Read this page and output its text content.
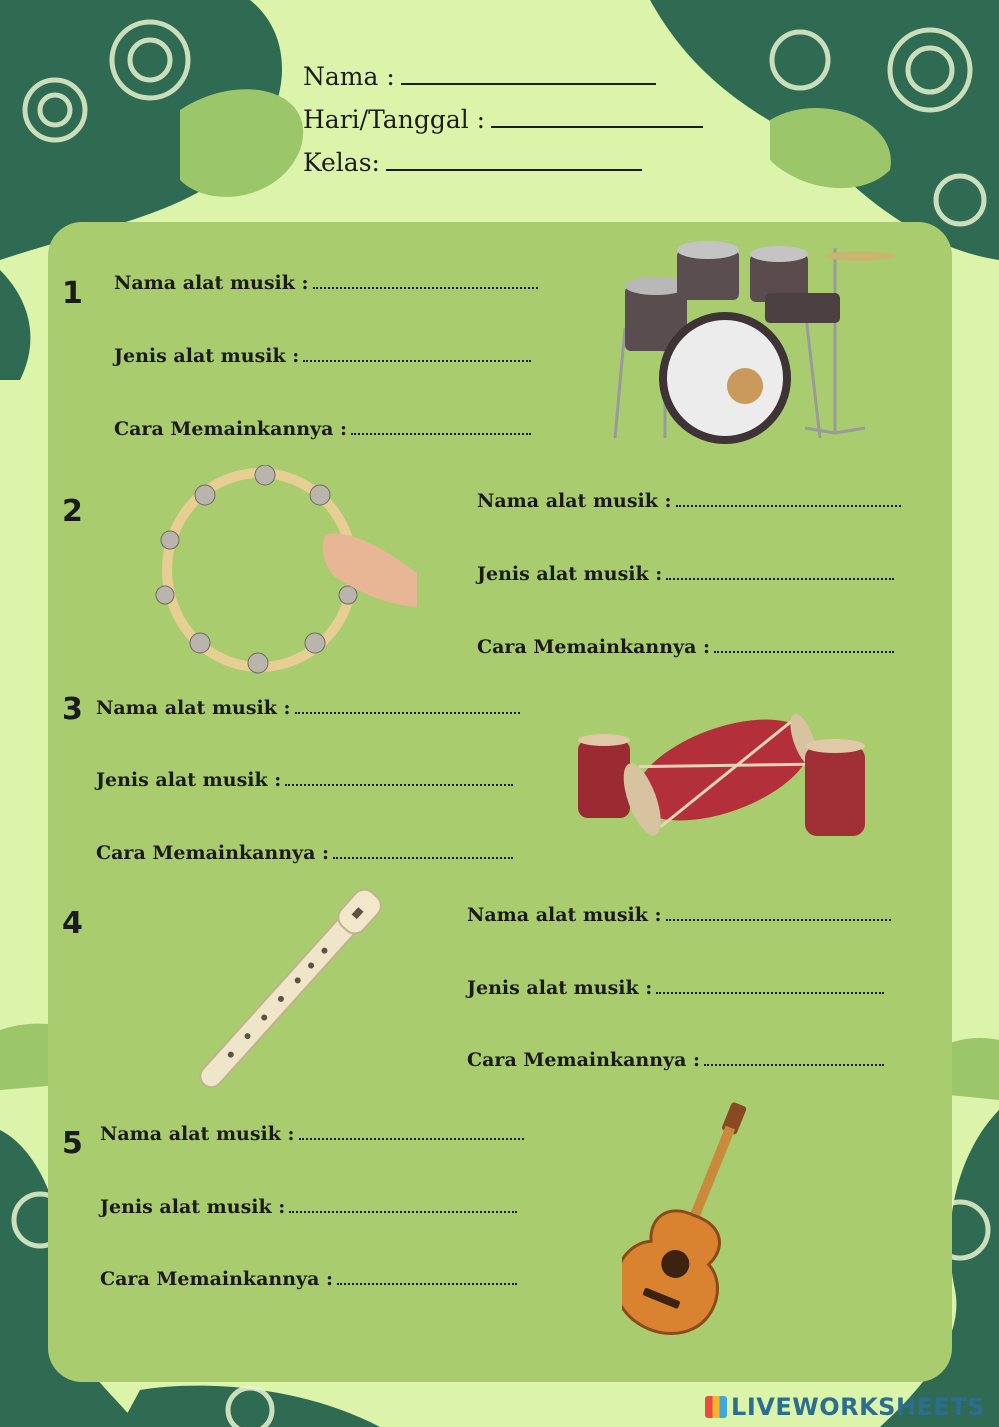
Nama :
Hari/Tanggal :
Kelas:
1 Nama alat musik :
Jenis alat musik :
Cara Memainkannya :
2	Nama alat musik :
Jenis alat musik :
Cara Memainkannya :
3 Nama alat musik :
Jenis alat musik :
Cara Memainkannya :
4	Nama alat musik :
Jenis alat musik :
Cara Memainkannya :
5 Nama alat musik :
Jenis alat musik :
Cara Memainkannya :
LIVEWORKSHEETS
